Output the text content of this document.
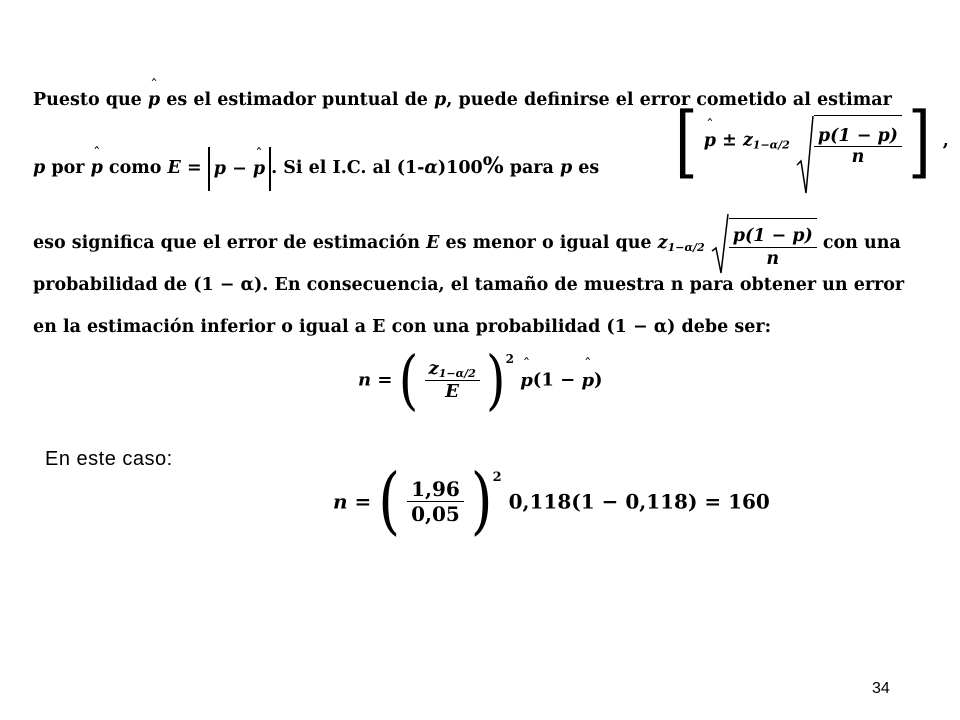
Puesto que ˆ p es el estimador puntual de p, puede definirse el error cometido al estimar
p por ˆ p como E = p − ˆ p . Si el I.C. al (1-α)100% para p es	[ ˆ $p \pm z_{1-\alpha/2} \frac{p(1 - p)}{n}$ ] ,
eso significa que el error de estimación E es menor o igual que $z_{1-\alpha/2} \frac{p(1 - p)}{n}$ con una
probabilidad de (1 − α). En consecuencia, el tamaño de muestra n para obtener un error
en la estimación inferior o igual a E con una probabilidad (1 − α) debe ser:
n = ( $\frac{z_{1-\alpha/2}}{E} )^2$ ˆ p(1 − ˆ p)
En este caso:
n = ( $\frac{1,96}{0,05} )^2$ 0,118(1 − 0,118) = 160
34
